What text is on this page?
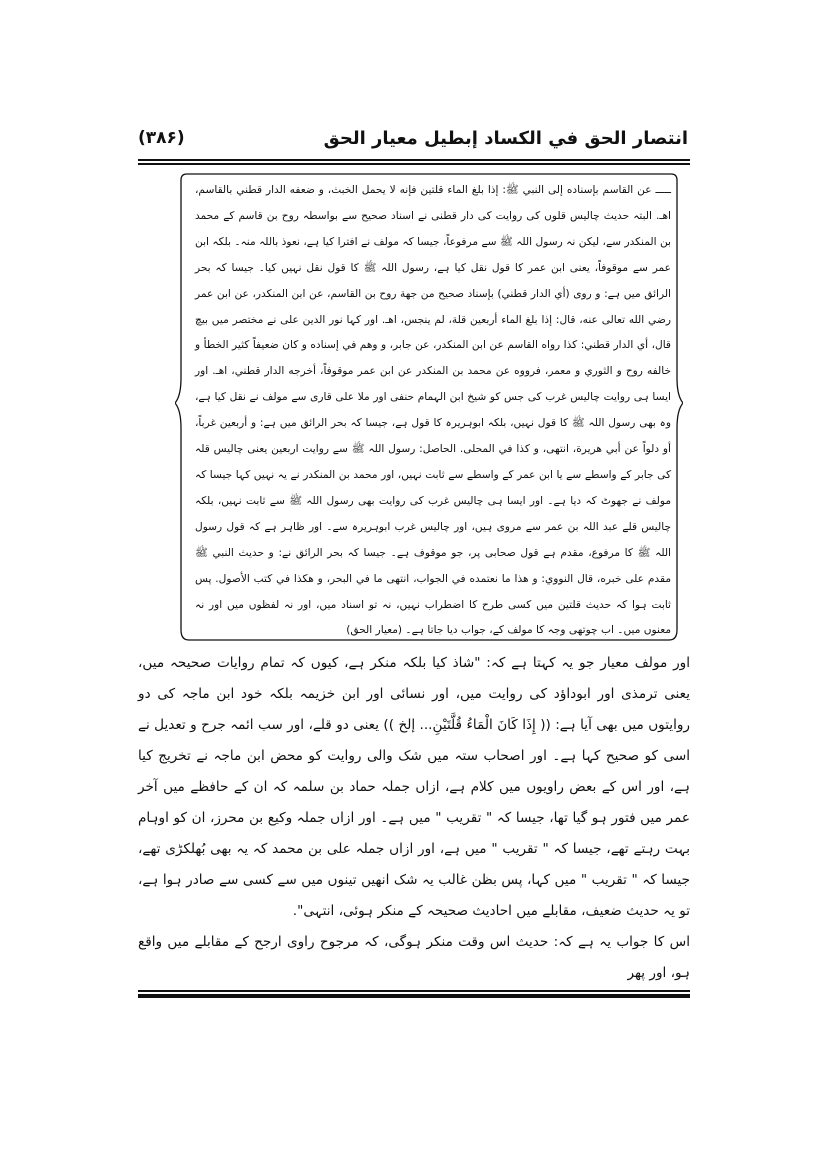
انتصار الحق في الكساد إبطيل معيار الحق
(۳۸۶)
ـــــ عن القاسم بإسناده إلى النبي ﷺ: إذا بلغ الماء قلتين فإنه لا يحمل الخبث، و ضعفه الدار قطني بالقاسم، اهـ. البتہ حدیث چالیس قلوں کی روایت کی دار قطنی نے اسناد صحیح سے بواسطہ روح بن قاسم کے محمد بن المنکدر سے، لیکن نہ رسول اللہ ﷺ سے مرفوعاً، جیسا کہ مولف نے افترا کیا ہے، نعوذ باللہ منہ۔ بلکہ ابن عمر سے موقوفاً، یعنی ابن عمر کا قول نقل کیا ہے، رسول اللہ ﷺ کا قول نقل نہیں کیا۔ جیسا کہ بحر الرائق میں ہے: و روى (أي الدار قطني) بإسناد صحيح من جهة روح بن القاسم، عن ابن المنكدر، عن ابن عمر رضي الله تعالى عنه، قال: إذا بلغ الماء أربعين قلة، لم ينجس، اهـ. اور کہا نور الدین علی نے مختصر میں بیچ قال، أي الدار قطني: كذا رواه القاسم عن ابن المنكدر، عن جابر، و وهم في إسناده و كان ضعيفاً كثير الخطأ و خالفه روح و الثوري و معمر، فرووه عن محمد بن المنكدر عن ابن عمر موقوفاً، أخرجه الدار قطني، اهـ. اور ایسا ہی روایت چالیس غرب کی جس کو شیخ ابن الہمام حنفی اور ملا علی قاری سے مولف نے نقل کیا ہے، وہ بھی رسول اللہ ﷺ کا قول نہیں، بلکہ ابوہریرہ کا قول ہے، جیسا کہ بحر الرائق میں ہے: و أربعين غرباً، أو دلواً عن أبي هريرة، انتهى، و كذا في المحلى. الحاصل: رسول اللہ ﷺ سے روایت اربعین یعنی چالیس قلہ کی جابر کے واسطے سے یا ابن عمر کے واسطے سے ثابت نہیں، اور محمد بن المنکدر نے یہ نہیں کہا جیسا کہ مولف نے جھوٹ کہ دیا ہے۔ اور ایسا ہی چالیس غرب کی روایت بھی رسول اللہ ﷺ سے ثابت نہیں، بلکہ چالیس قلے عبد اللہ بن عمر سے مروی ہیں، اور چالیس غرب ابوہریرہ سے۔ اور ظاہر ہے کہ قول رسول اللہ ﷺ کا مرفوع، مقدم ہے قول صحابی پر، جو موقوف ہے۔ جیسا کہ بحر الرائق نے: و حديث النبي ﷺ مقدم على خبره، قال النووي: و هذا ما نعتمده في الجواب، انتهى ما في البحر، و هكذا في كتب الأصول. پس ثابت ہوا کہ حدیث قلتین میں کسی طرح کا اضطراب نہیں، نہ تو اسناد میں، اور نہ لفظوں میں اور نہ معنوں میں۔ اب چوتھی وجہ کا مولف کے، جواب دیا جاتا ہے۔ (معیار الحق)

اور مولف معیار جو یہ کہتا ہے کہ: "شاذ کیا بلکہ منکر ہے، کیوں کہ تمام روایات صحیحہ میں، یعنی ترمذی اور ابوداؤد کی روایت میں، اور نسائی اور ابن خزیمہ بلکہ خود ابن ماجہ کی دو روایتوں میں بھی آیا ہے: (( إِذَا كَانَ الْمَاءُ قُلَّتَيْنِ... إلخ )) یعنی دو قلے، اور سب ائمہ جرح و تعدیل نے اسی کو صحیح کہا ہے۔ اور اصحاب ستہ میں شک والی روایت کو محض ابن ماجہ نے تخریج کیا ہے، اور اس کے بعض راویوں میں کلام ہے، ازاں جملہ حماد بن سلمہ کہ ان کے حافظے میں آخر عمر میں فتور ہو گیا تھا، جیسا کہ " تقریب " میں ہے۔ اور ازاں جملہ وکیع بن محرز، ان کو اوہام بہت رہتے تھے، جیسا کہ " تقریب " میں ہے، اور ازاں جملہ علی بن محمد کہ یہ بھی بُھلکڑی تھے، جیسا کہ " تقریب " میں کہا، پس بظن غالب یہ شک انھیں تینوں میں سے کسی سے صادر ہوا ہے، تو یہ حدیث ضعیف، مقابلے میں احادیث صحیحہ کے منکر ہوئی، انتہی".

اس کا جواب یہ ہے کہ: حدیث اس وقت منکر ہوگی، کہ مرجوح راوی ارجح کے مقابلے میں واقع ہو، اور پھر
